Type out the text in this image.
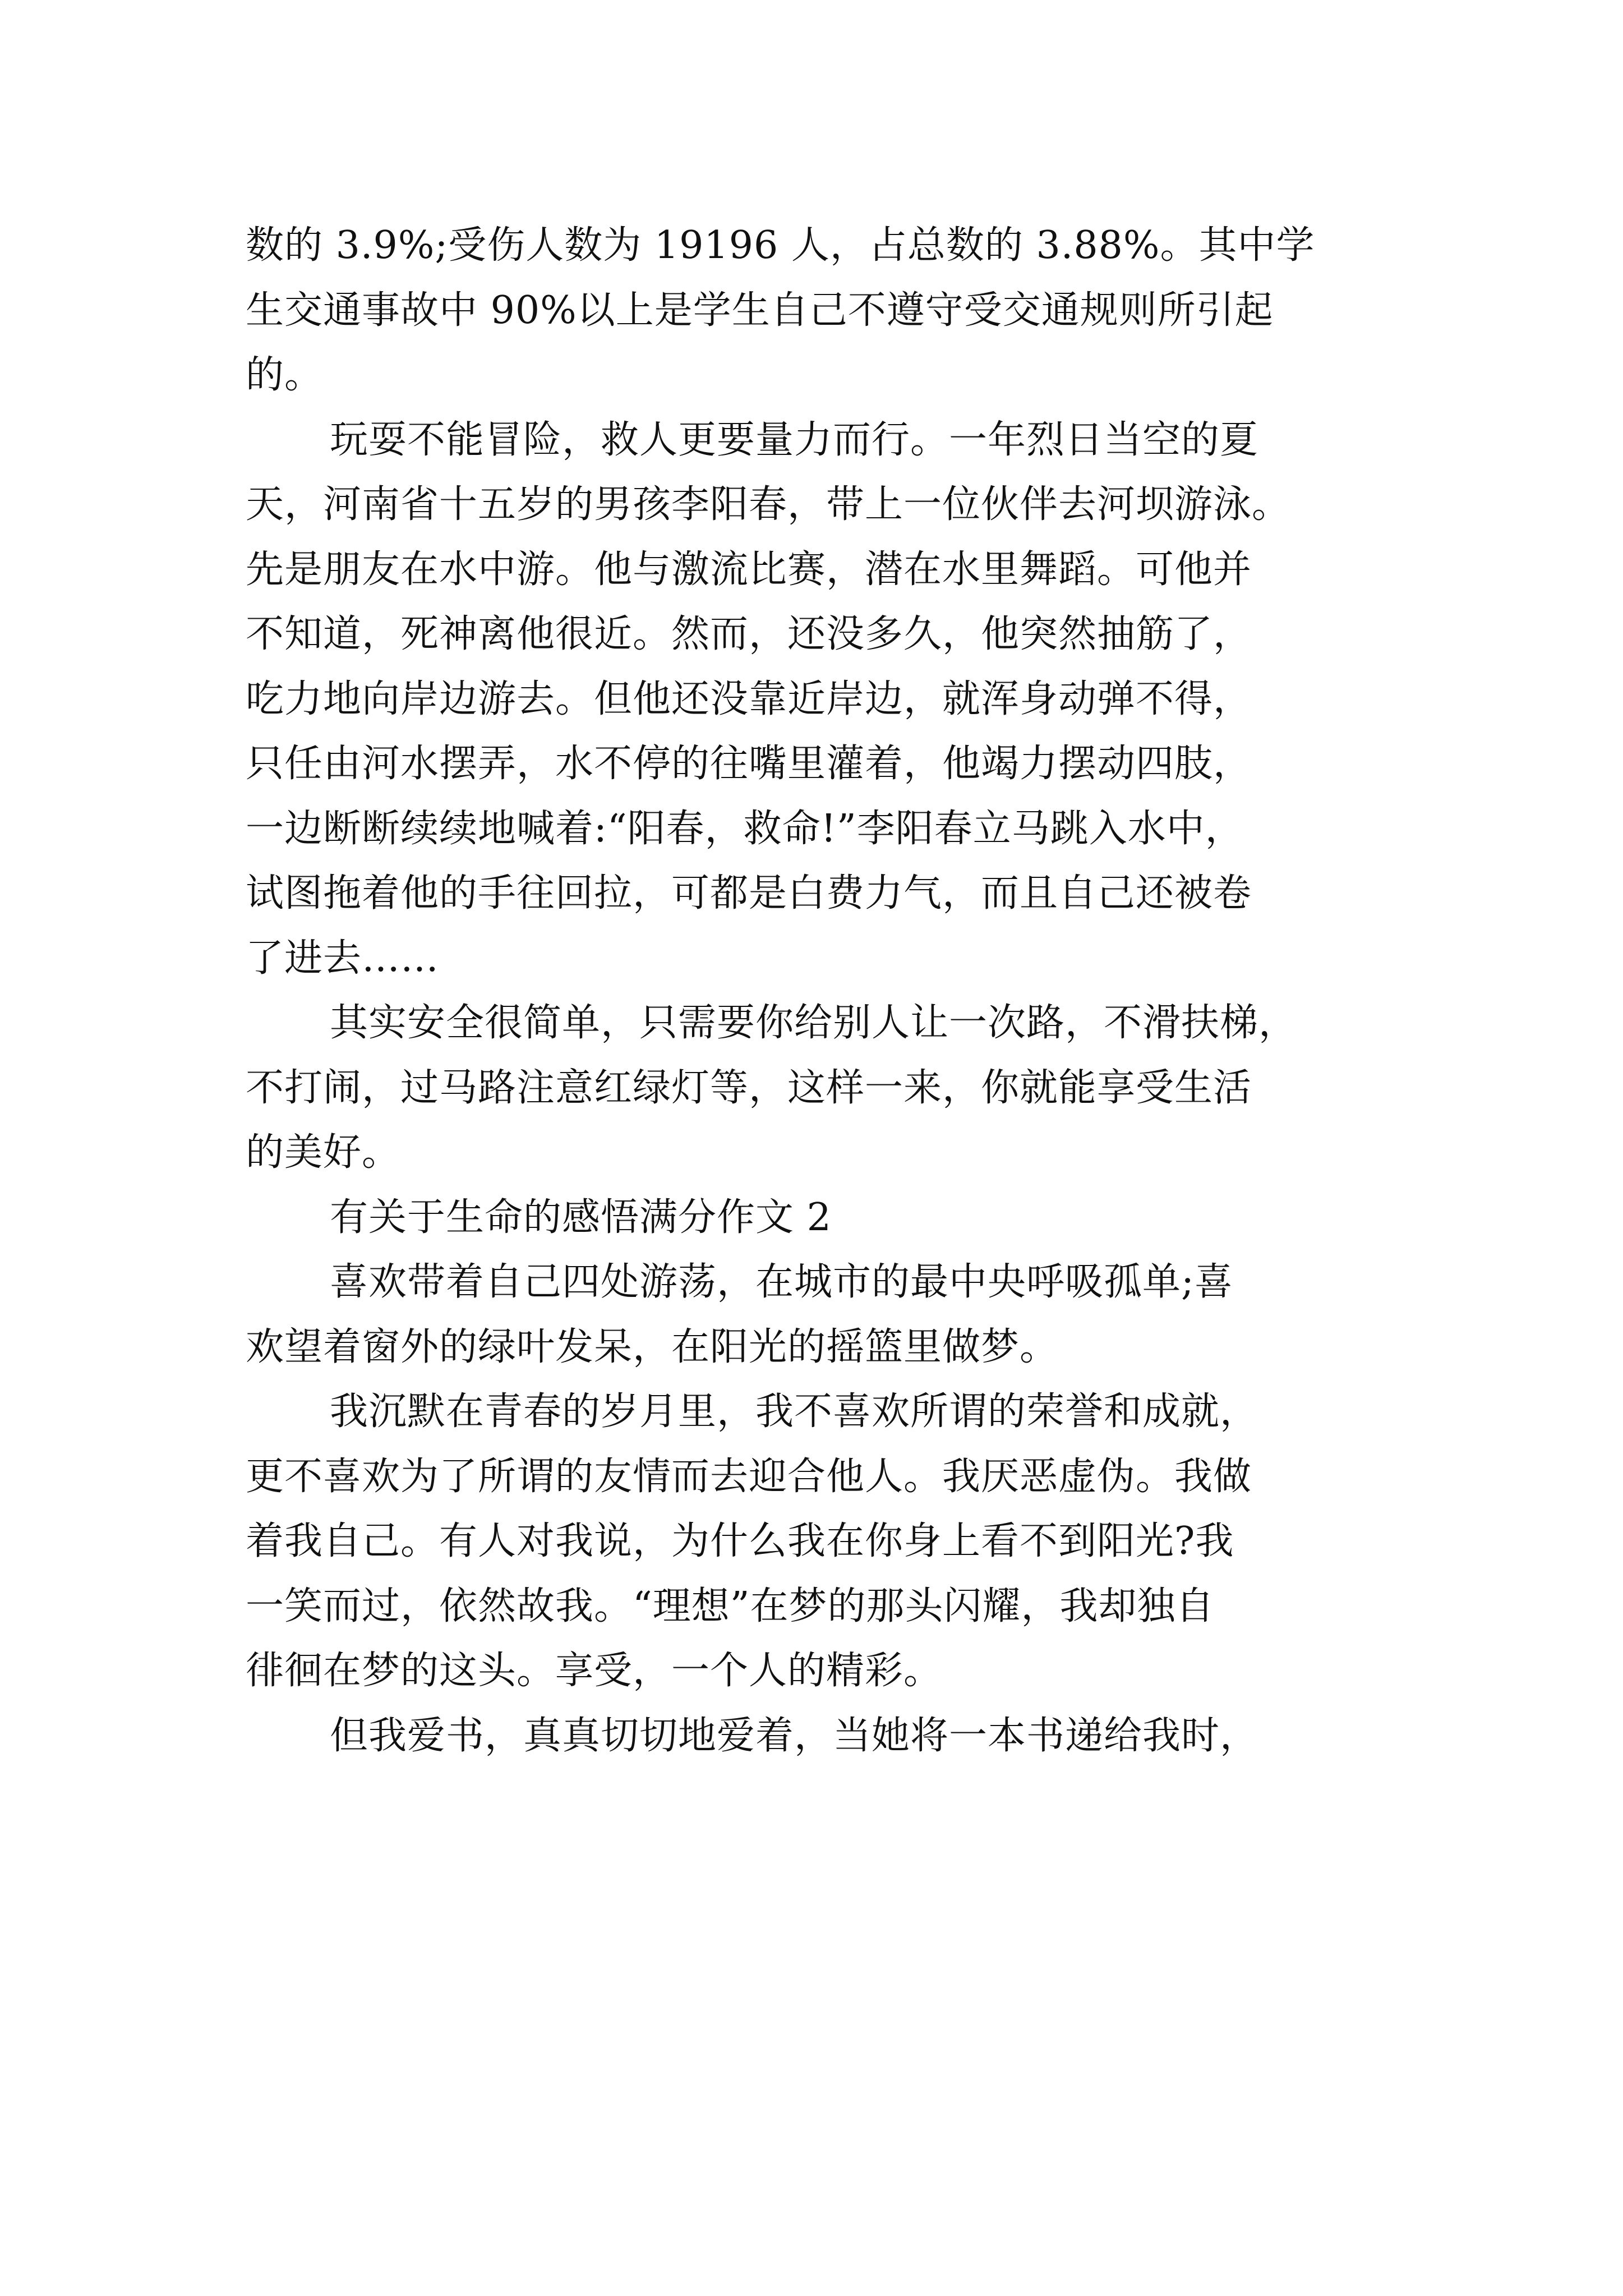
数的 3.9%;受伤人数为 19196 人，占总数的 3.88%。其中学
生交通事故中 90%以上是学生自己不遵守受交通规则所引起
的。

玩耍不能冒险，救人更要量力而行。一年烈日当空的夏
天，河南省十五岁的男孩李阳春，带上一位伙伴去河坝游泳。
先是朋友在水中游。他与激流比赛，潜在水里舞蹈。可他并
不知道，死神离他很近。然而，还没多久，他突然抽筋了，
吃力地向岸边游去。但他还没靠近岸边，就浑身动弹不得，
只任由河水摆弄，水不停的往嘴里灌着，他竭力摆动四肢，
一边断断续续地喊着:“阳春，救命!”李阳春立马跳入水中，
试图拖着他的手往回拉，可都是白费力气，而且自己还被卷
了进去……

其实安全很简单，只需要你给别人让一次路，不滑扶梯，
不打闹，过马路注意红绿灯等，这样一来，你就能享受生活
的美好。

有关于生命的感悟满分作文 2

喜欢带着自己四处游荡，在城市的最中央呼吸孤单;喜
欢望着窗外的绿叶发呆，在阳光的摇篮里做梦。

我沉默在青春的岁月里，我不喜欢所谓的荣誉和成就，
更不喜欢为了所谓的友情而去迎合他人。我厌恶虚伪。我做
着我自己。有人对我说，为什么我在你身上看不到阳光?我
一笑而过，依然故我。“理想”在梦的那头闪耀，我却独自
徘徊在梦的这头。享受，一个人的精彩。

但我爱书，真真切切地爱着，当她将一本书递给我时，
